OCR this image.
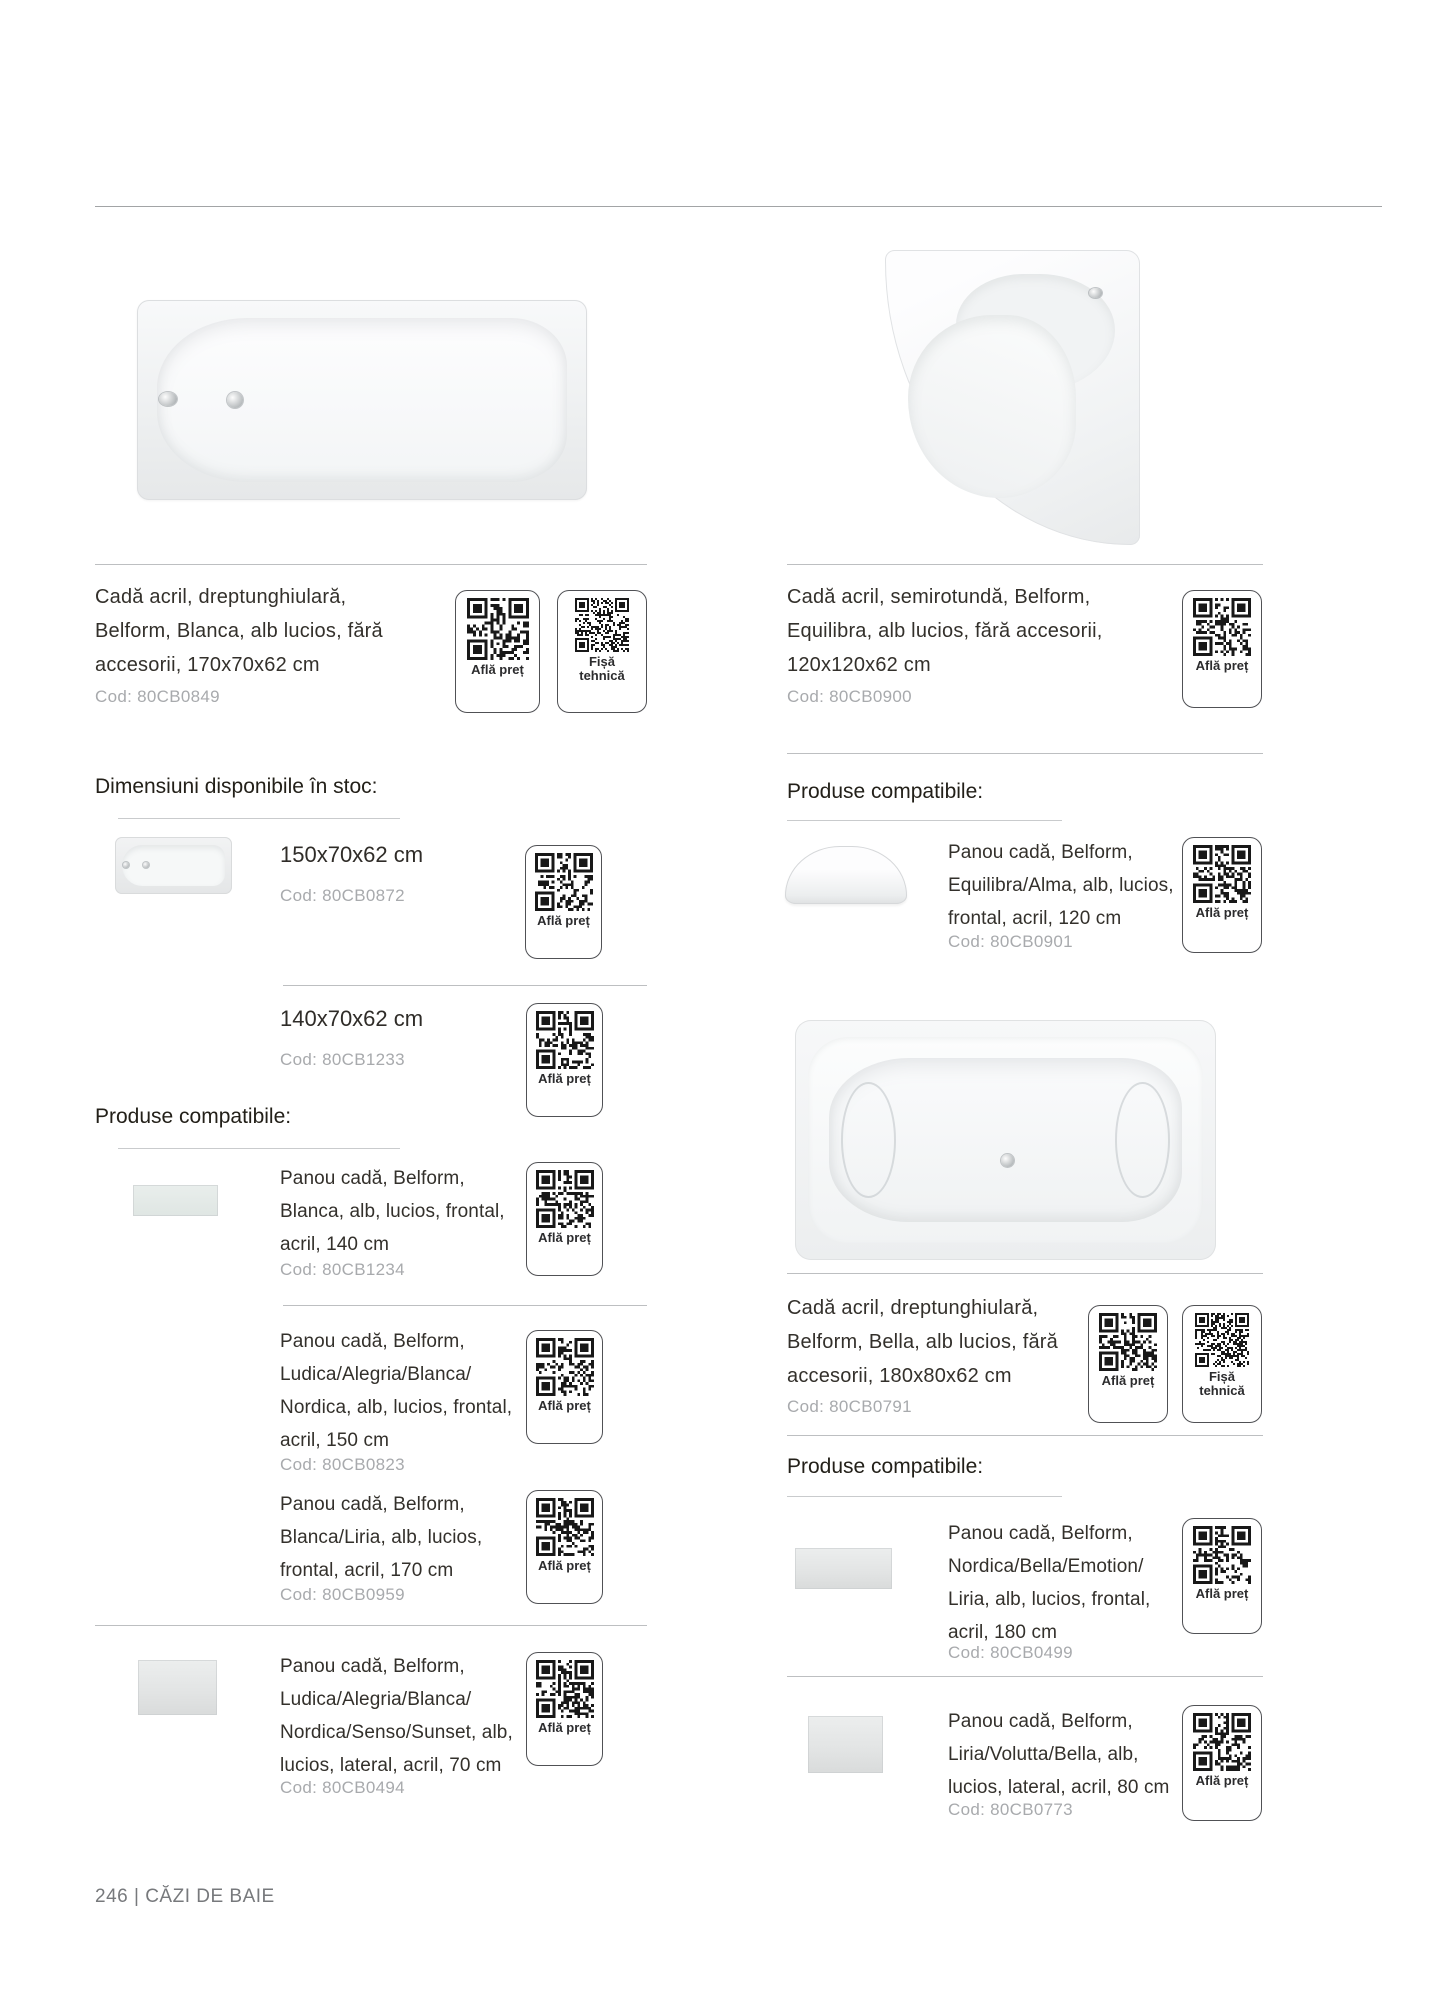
Cadă acril, dreptunghiulară,
Belform, Blanca, alb lucios, fără
accesorii, 170x70x62 cm
Cod: 80CB0849
Află preț
Fișă tehnică
Dimensiuni disponibile în stoc:
150x70x62 cm
Cod: 80CB0872
Află preț
140x70x62 cm
Cod: 80CB1233
Află preț
Produse compatibile:
Panou cadă, Belform,
Blanca, alb, lucios, frontal,
acril, 140 cm
Cod: 80CB1234
Află preț
Panou cadă, Belform,
Ludica/Alegria/Blanca/
Nordica, alb, lucios, frontal,
acril, 150 cm
Cod: 80CB0823
Află preț
Panou cadă, Belform,
Blanca/Liria, alb, lucios,
frontal, acril, 170 cm
Cod: 80CB0959
Află preț
Panou cadă, Belform,
Ludica/Alegria/Blanca/
Nordica/Senso/Sunset, alb,
lucios, lateral, acril, 70 cm
Cod: 80CB0494
Află preț
Cadă acril, semirotundă, Belform,
Equilibra, alb lucios, fără accesorii,
120x120x62 cm
Cod: 80CB0900
Află preț
Produse compatibile:
Panou cadă, Belform,
Equilibra/Alma, alb, lucios,
frontal, acril, 120 cm
Cod: 80CB0901
Află preț
Cadă acril, dreptunghiulară,
Belform, Bella, alb lucios, fără
accesorii, 180x80x62 cm
Cod: 80CB0791
Află preț	Fișă tehnică
Produse compatibile:
Panou cadă, Belform,
Nordica/Bella/Emotion/
Liria, alb, lucios, frontal,
acril, 180 cm
Cod: 80CB0499
Află preț
Panou cadă, Belform,
Liria/Volutta/Bella, alb,
lucios, lateral, acril, 80 cm
Cod: 80CB0773
Află preț
246 | CĂZI DE BAIE
